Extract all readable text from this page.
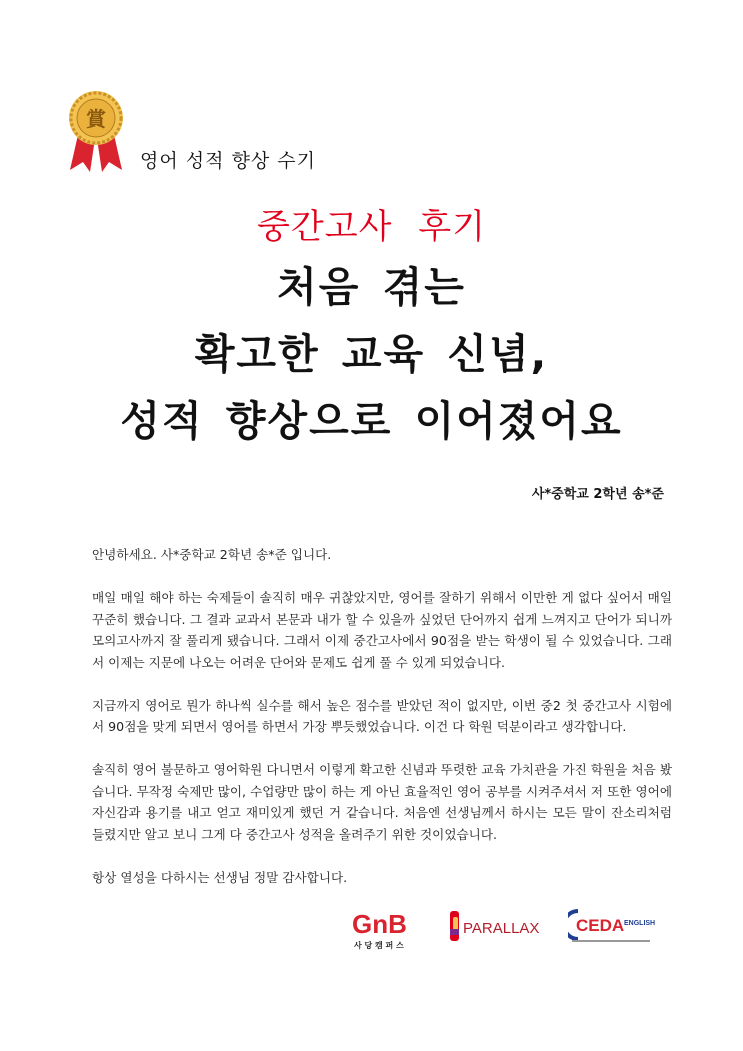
賞
영어 성적 향상 수기
중간고사 후기
처음 겪는
확고한 교육 신념,
성적 향상으로 이어졌어요
사*중학교 2학년 송*준

안녕하세요. 사*중학교 2학년 송*준 입니다.

매일 매일 해야 하는 숙제들이 솔직히 매우 귀찮았지만, 영어를 잘하기 위해서 이만한 게 없다 싶어서 매일 꾸준히 했습니다. 그 결과 교과서 본문과 내가 할 수 있을까 싶었던 단어까지 쉽게 느껴지고 단어가 되니까 모의고사까지 잘 풀리게 됐습니다. 그래서 이제 중간고사에서 90점을 받는 학생이 될 수 있었습니다. 그래서 이제는 지문에 나오는 어려운 단어와 문제도 쉽게 풀 수 있게 되었습니다.

지금까지 영어로 뭔가 하나씩 실수를 해서 높은 점수를 받았던 적이 없지만, 이번 중2 첫 중간고사 시험에서 90점을 맞게 되면서 영어를 하면서 가장 뿌듯했었습니다. 이건 다 학원 덕분이라고 생각합니다.

솔직히 영어 불문하고 영어학원 다니면서 이렇게 확고한 신념과 뚜렷한 교육 가치관을 가진 학원을 처음 봤습니다. 무작정 숙제만 많이, 수업량만 많이 하는 게 아닌 효율적인 영어 공부를 시켜주셔서 저 또한 영어에 자신감과 용기를 내고 얻고 재미있게 했던 거 같습니다. 처음엔 선생님께서 하시는 모든 말이 잔소리처럼 들렸지만 알고 보니 그게 다 중간고사 성적을 올려주기 위한 것이었습니다.

항상 열성을 다하시는 선생님 정말 감사합니다.

GnB
사 당 캠 퍼 스
PARALLAX CEDA ENGLISH
